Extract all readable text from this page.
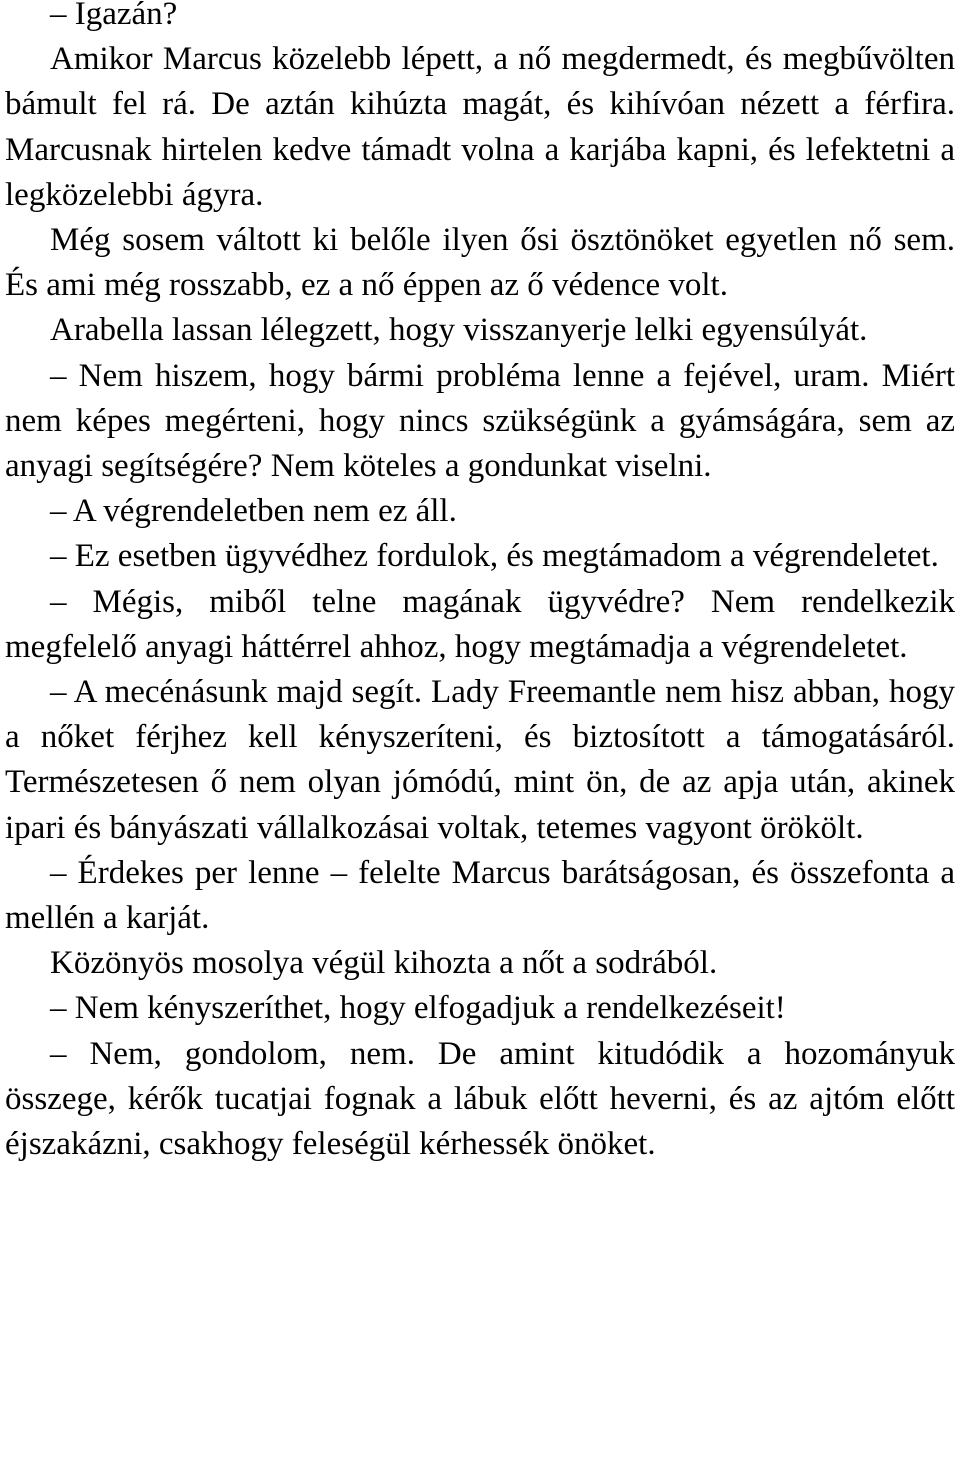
– Igazán?

Amikor Marcus közelebb lépett, a nő megdermedt, és megbűvölten bámult fel rá. De aztán kihúzta magát, és kihívóan nézett a férfira. Marcusnak hirtelen kedve támadt volna a karjába kapni, és lefektetni a legközelebbi ágyra.

Még sosem váltott ki belőle ilyen ősi ösztönöket egyetlen nő sem. És ami még rosszabb, ez a nő éppen az ő védence volt.

Arabella lassan lélegzett, hogy visszanyerje lelki egyensúlyát.

– Nem hiszem, hogy bármi probléma lenne a fejével, uram. Miért nem képes megérteni, hogy nincs szükségünk a gyámságára, sem az anyagi segítségére? Nem köteles a gondunkat viselni.

– A végrendeletben nem ez áll.

– Ez esetben ügyvédhez fordulok, és megtámadom a végrendeletet.

– Mégis, miből telne magának ügyvédre? Nem rendelkezik megfelelő anyagi háttérrel ahhoz, hogy megtámadja a végrendeletet.

– A mecénásunk majd segít. Lady Freemantle nem hisz abban, hogy a nőket férjhez kell kényszeríteni, és biztosított a támogatásáról. Természetesen ő nem olyan jómódú, mint ön, de az apja után, akinek ipari és bányászati vállalkozásai voltak, tetemes vagyont örökölt.

– Érdekes per lenne – felelte Marcus barátságosan, és összefonta a mellén a karját.

Közönyös mosolya végül kihozta a nőt a sodrából.

– Nem kényszeríthet, hogy elfogadjuk a rendelkezéseit!

– Nem, gondolom, nem. De amint kitudódik a hozományuk összege, kérők tucatjai fognak a lábuk előtt heverni, és az ajtóm előtt éjszakázni, csakhogy feleségül kérhessék önöket.
